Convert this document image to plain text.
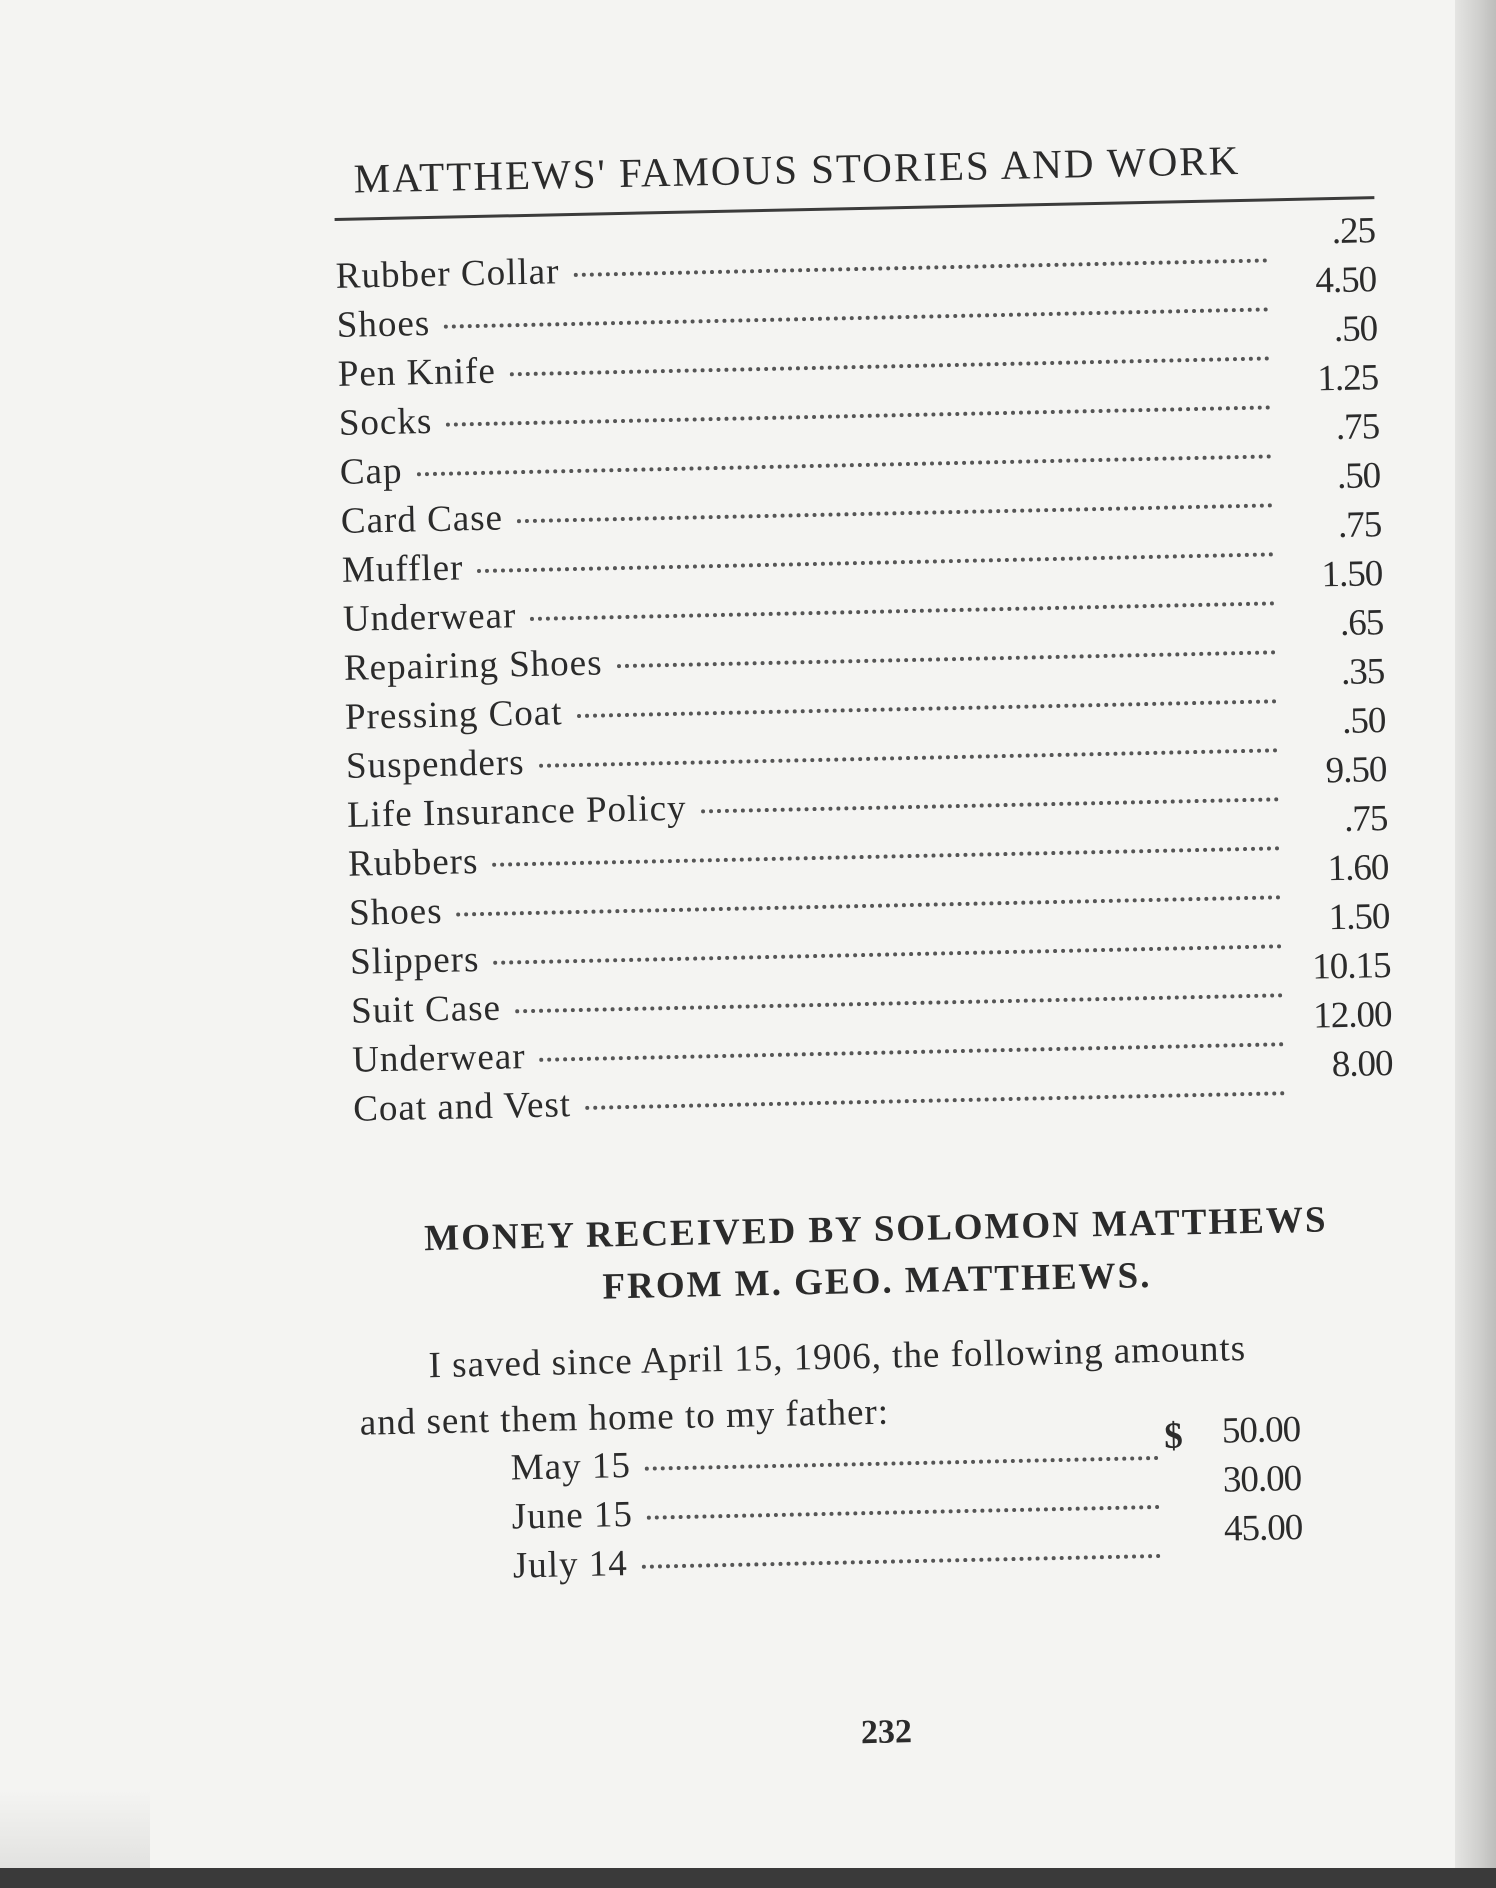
MATTHEWS' FAMOUS STORIES AND WORK
Rubber Collar
.25
Shoes
4.50
Pen Knife
.50
Socks
1.25
Cap
.75
Card Case
.50
Muffler
.75
Underwear
1.50
Repairing Shoes
.65
Pressing Coat
.35
Suspenders
.50
Life Insurance Policy
9.50
Rubbers
.75
Shoes
1.60
Slippers
1.50
Suit Case
10.15
Underwear
12.00
Coat and Vest
8.00
MONEY RECEIVED BY SOLOMON MATTHEWS
FROM M. GEO. MATTHEWS.
I saved since April 15, 1906, the following amounts
and sent them home to my father:
May 15
$	50.00
June 15
30.00
July 14
45.00
232
